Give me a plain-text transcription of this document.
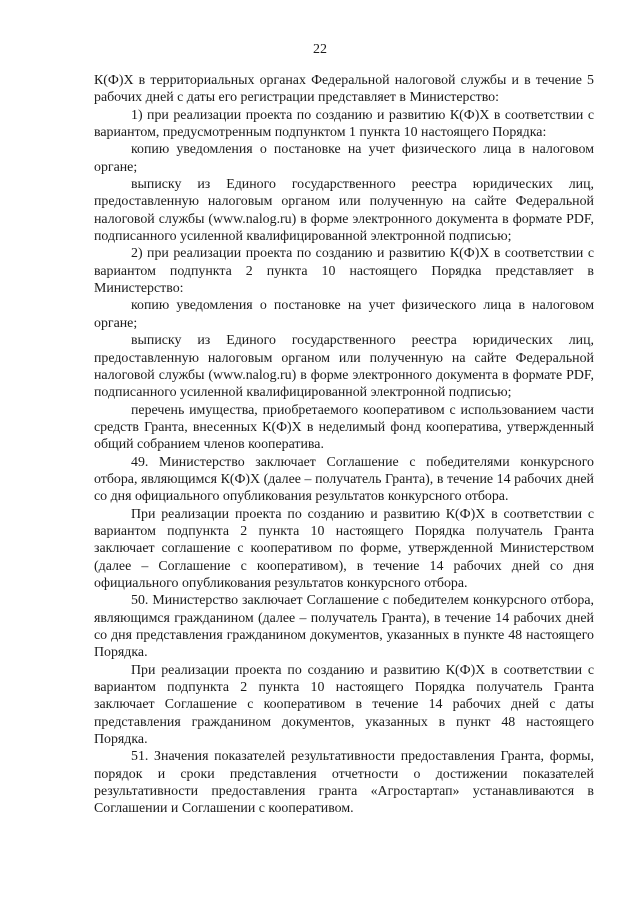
22

К(Ф)Х в территориальных органах Федеральной налоговой службы и в течение 5 рабочих дней с даты его регистрации представляет в Министерство:

1) при реализации проекта по созданию и развитию К(Ф)Х в соответствии с вариантом, предусмотренным подпунктом 1 пункта 10 настоящего Порядка:

копию уведомления о постановке на учет физического лица в налоговом органе;

выписку из Единого государственного реестра юридических лиц, предоставленную налоговым органом или полученную на сайте Федеральной налоговой службы (www.nalog.ru) в форме электронного документа в формате PDF, подписанного усиленной квалифицированной электронной подписью;

2) при реализации проекта по созданию и развитию К(Ф)Х в соответствии с вариантом подпункта 2 пункта 10 настоящего Порядка представляет в Министерство:

копию уведомления о постановке на учет физического лица в налоговом органе;

выписку из Единого государственного реестра юридических лиц, предоставленную налоговым органом или полученную на сайте Федеральной налоговой службы (www.nalog.ru) в форме электронного документа в формате PDF, подписанного усиленной квалифицированной электронной подписью;

перечень имущества, приобретаемого кооперативом с использованием части средств Гранта, внесенных К(Ф)Х в неделимый фонд кооператива, утвержденный общий собранием членов кооператива.

49. Министерство заключает Соглашение с победителями конкурсного отбора, являющимся К(Ф)Х (далее – получатель Гранта), в течение 14 рабочих дней со дня официального опубликования результатов конкурсного отбора.

При реализации проекта по созданию и развитию К(Ф)Х в соответствии с вариантом подпункта 2 пункта 10 настоящего Порядка получатель Гранта заключает соглашение с кооперативом по форме, утвержденной Министерством (далее – Соглашение с кооперативом), в течение 14 рабочих дней со дня официального опубликования результатов конкурсного отбора.

50. Министерство заключает Соглашение с победителем конкурсного отбора, являющимся гражданином (далее – получатель Гранта), в течение 14 рабочих дней со дня представления гражданином документов, указанных в пункте 48 настоящего Порядка.

При реализации проекта по созданию и развитию К(Ф)Х в соответствии с вариантом подпункта 2 пункта 10 настоящего Порядка получатель Гранта заключает Соглашение с кооперативом в течение 14 рабочих дней с даты представления гражданином документов, указанных в пункт 48 настоящего Порядка.

51. Значения показателей результативности предоставления Гранта, формы, порядок и сроки представления отчетности о достижении показателей результативности предоставления гранта «Агростартап» устанавливаются в Соглашении и Соглашении с кооперативом.
